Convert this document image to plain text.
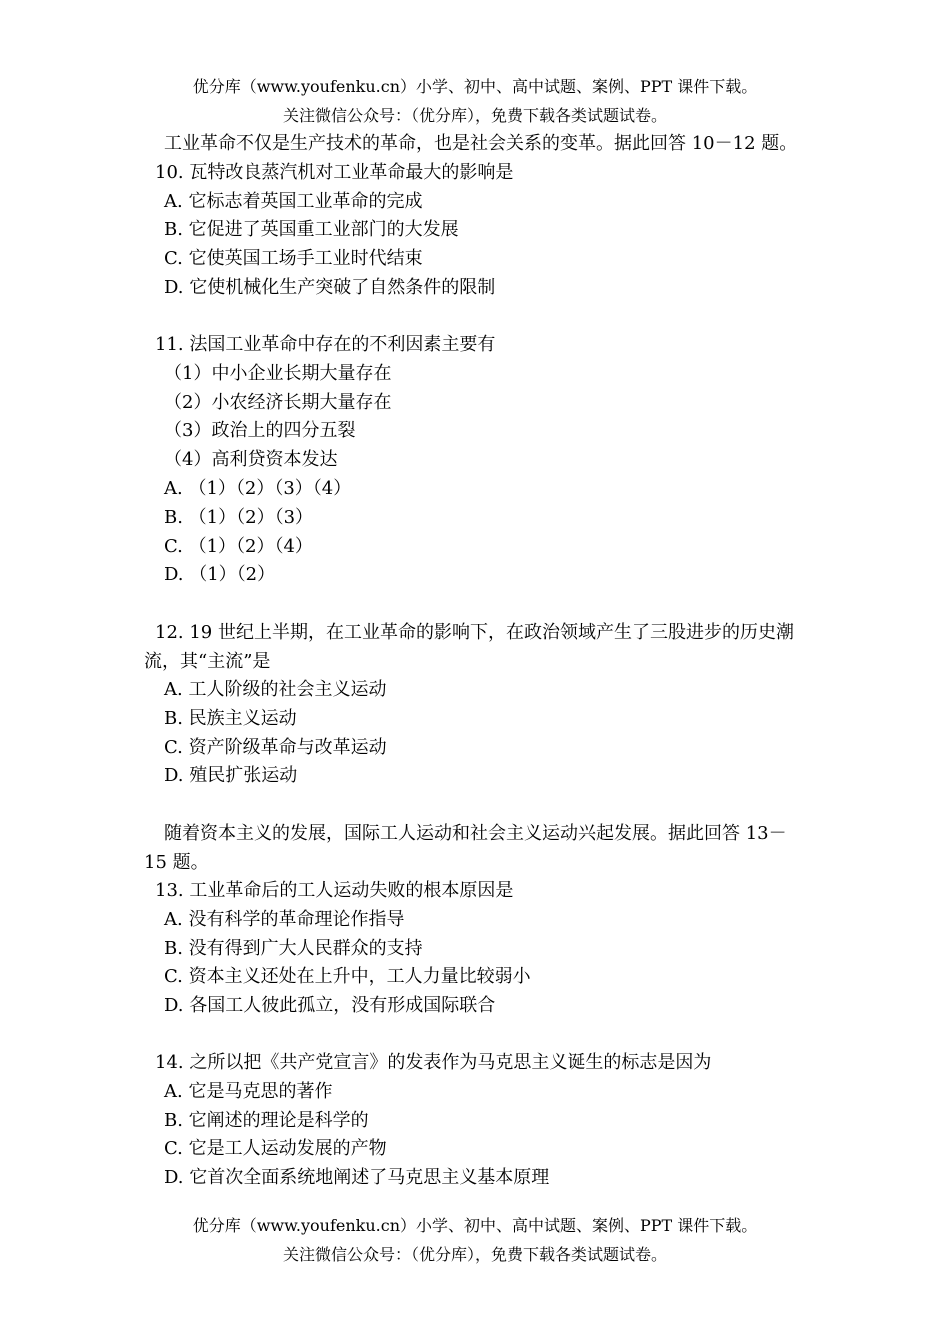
优分库（www.youfenku.cn）小学、初中、高中试题、案例、PPT 课件下载。
关注微信公众号：（优分库），免费下载各类试题试卷。
工业革命不仅是生产技术的革命，也是社会关系的变革。据此回答 10－12 题。
10. 瓦特改良蒸汽机对工业革命最大的影响是
A. 它标志着英国工业革命的完成
B. 它促进了英国重工业部门的大发展
C. 它使英国工场手工业时代结束
D. 它使机械化生产突破了自然条件的限制
11. 法国工业革命中存在的不利因素主要有
（1）中小企业长期大量存在
（2）小农经济长期大量存在
（3）政治上的四分五裂
（4）高利贷资本发达
A. （1）（2）（3）（4）
B. （1）（2）（3）
C. （1）（2）（4）
D. （1）（2）
12. 19 世纪上半期，在工业革命的影响下，在政治领域产生了三股进步的历史潮
流，其“主流”是
A. 工人阶级的社会主义运动
B. 民族主义运动
C. 资产阶级革命与改革运动
D. 殖民扩张运动
随着资本主义的发展，国际工人运动和社会主义运动兴起发展。据此回答 13－
15 题。
13. 工业革命后的工人运动失败的根本原因是
A. 没有科学的革命理论作指导
B. 没有得到广大人民群众的支持
C. 资本主义还处在上升中，工人力量比较弱小
D. 各国工人彼此孤立，没有形成国际联合
14. 之所以把《共产党宣言》的发表作为马克思主义诞生的标志是因为
A. 它是马克思的著作
B. 它阐述的理论是科学的
C. 它是工人运动发展的产物
D. 它首次全面系统地阐述了马克思主义基本原理
优分库（www.youfenku.cn）小学、初中、高中试题、案例、PPT 课件下载。
关注微信公众号：（优分库），免费下载各类试题试卷。
